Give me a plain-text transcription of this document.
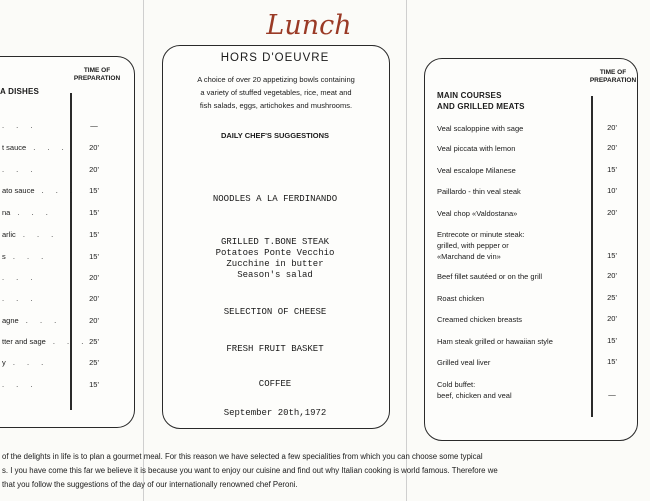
Lunch
A DISHES
TIME OF
PREPARATION
. . .	—
t sauce . . .	20'
. . .	20'
ato sauce . . .	15'
na . . .	15'
arlic . . .	15'
s . . .	15'
. . .	20'
. . .	20'
agne . . .	20'
tter and sage . . . 25'
y . . .	25'
. . .	15'
HORS D'OEUVRE
A choice of over 20 appetizing bowls containing
a variety of stuffed vegetables, rice, meat and
fish salads, eggs, artichokes and mushrooms.
DAILY CHEF'S SUGGESTIONS
NOODLES A LA FERDINANDO
GRILLED T.BONE STEAK
Potatoes Ponte Vecchio
Zucchine in butter
Season's salad
SELECTION OF CHEESE
FRESH FRUIT BASKET
COFFEE
September 20th,1972
MAIN COURSES
AND GRILLED MEATS
TIME OF
PREPARATION
Veal scaloppine with sage	20'
Veal piccata with lemon	20'
Veal escalope Milanese	15'
Paillardo - thin veal steak	10'
Veal chop «Valdostana»	20'
Entrecote or minute steak:
grilled, with pepper or
«Marchand de vin»	15'
Beef fillet sautéed or on the grill	20'
Roast chicken	25'
Creamed chicken breasts	20'
Ham steak grilled or hawaiian style	15'
Grilled veal liver	15'
Cold buffet:
beef, chicken and veal	—
of the delights in life is to plan a gourmet meal. For this reason we have selected a few specialities from which you can choose some typical
s. I you have come this far we believe it is because you want to enjoy our cuisine and find out why Italian cooking is world famous. Therefore we
that you follow the suggestions of the day of our internationally renowned chef Peroni.
